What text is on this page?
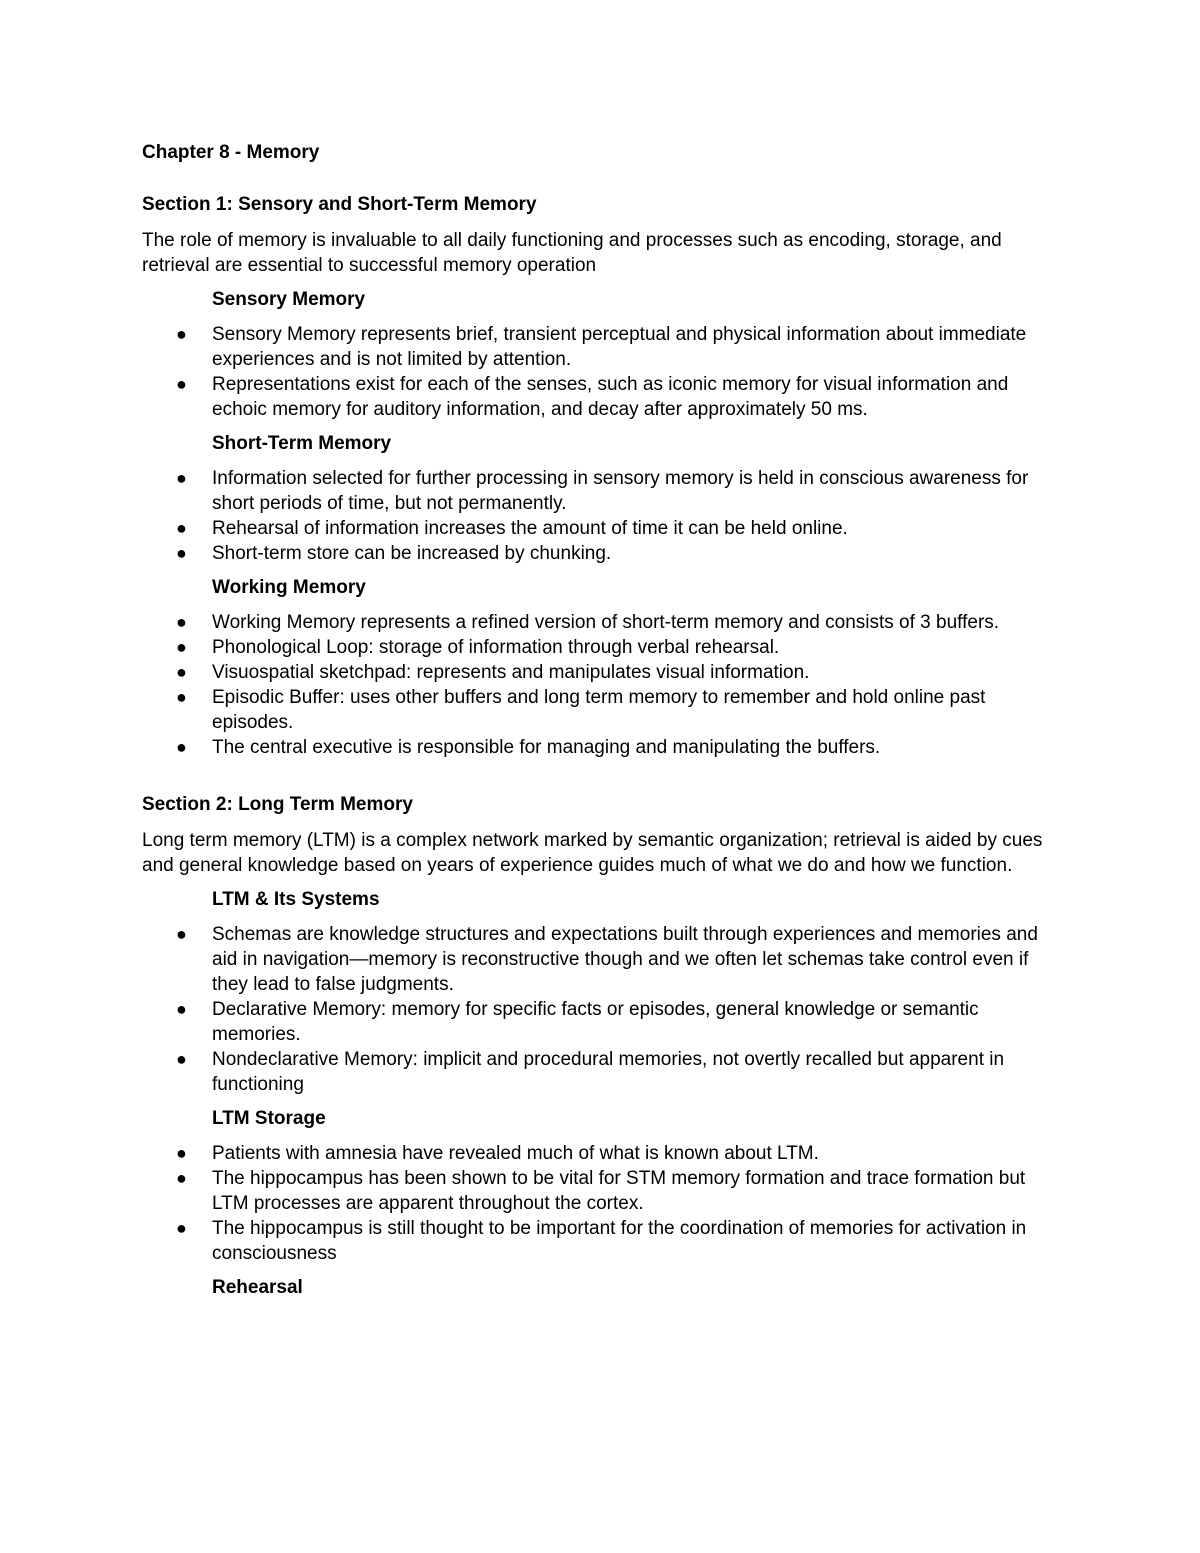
Chapter 8 - Memory
Section 1: Sensory and Short-Term Memory
The role of memory is invaluable to all daily functioning and processes such as encoding, storage, and retrieval are essential to successful memory operation
Sensory Memory
● Sensory Memory represents brief, transient perceptual and physical information about immediate experiences and is not limited by attention.
● Representations exist for each of the senses, such as iconic memory for visual information and echoic memory for auditory information, and decay after approximately 50 ms.
Short-Term Memory
● Information selected for further processing in sensory memory is held in conscious awareness for short periods of time, but not permanently.
● Rehearsal of information increases the amount of time it can be held online.
● Short-term store can be increased by chunking.
Working Memory
● Working Memory represents a refined version of short-term memory and consists of 3 buffers.
● Phonological Loop: storage of information through verbal rehearsal.
● Visuospatial sketchpad: represents and manipulates visual information.
● Episodic Buffer: uses other buffers and long term memory to remember and hold online past episodes.
● The central executive is responsible for managing and manipulating the buffers.
Section 2: Long Term Memory
Long term memory (LTM) is a complex network marked by semantic organization; retrieval is aided by cues and general knowledge based on years of experience guides much of what we do and how we function.
LTM & Its Systems
● Schemas are knowledge structures and expectations built through experiences and memories and aid in navigation—memory is reconstructive though and we often let schemas take control even if they lead to false judgments.
● Declarative Memory: memory for specific facts or episodes, general knowledge or semantic memories.
● Nondeclarative Memory: implicit and procedural memories, not overtly recalled but apparent in functioning
LTM Storage
● Patients with amnesia have revealed much of what is known about LTM.
● The hippocampus has been shown to be vital for STM memory formation and trace formation but LTM processes are apparent throughout the cortex.
● The hippocampus is still thought to be important for the coordination of memories for activation in consciousness
Rehearsal
